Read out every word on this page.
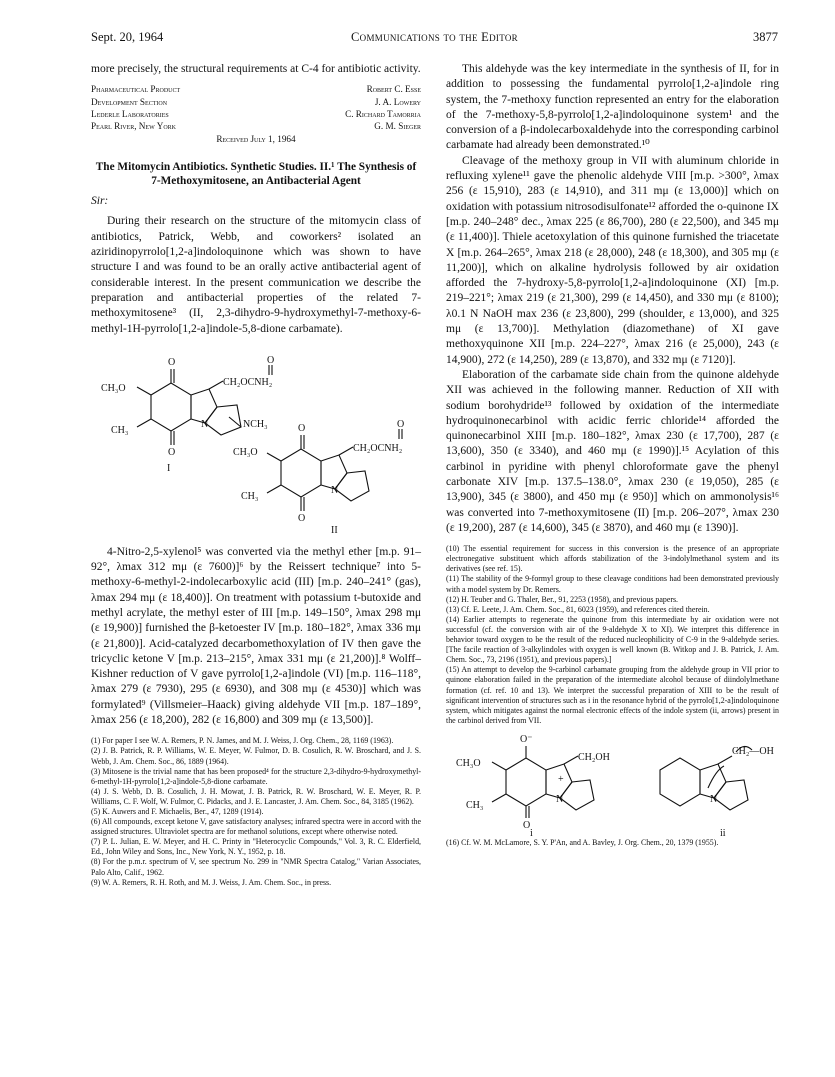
Sept. 20, 1964	Communications to the Editor	3877

more precisely, the structural requirements at C-4 for antibiotic activity.

Pharmaceutical Product	Robert C. Esse
Development Section	J. A. Lowery
Lederle Laboratories	C. Richard Tamorria
Pearl River, New York	G. M. Sieger
Received July 1, 1964
The Mitomycin Antibiotics. Synthetic Studies. II.¹ The Synthesis of 7-Methoxymitosene, an Antibacterial Agent
Sir:

During their research on the structure of the mitomycin class of antibiotics, Patrick, Webb, and coworkers² isolated an aziridinopyrrolo[1,2-a]indoloquinone which was shown to have structure I and was found to be an orally active antibacterial agent of considerable interest. In the present communication we describe the preparation and antibacterial properties of the related 7-methoxymitosene³ (II, 2,3-dihydro-9-hydroxymethyl-7-methoxy-6-methyl-1H-pyrrolo[1,2-a]indole-5,8-dione carbamate).

O
O
CH₃O
CH₃
N
CH₂OCNH₂
O
NCH₃
I
O
O
CH₃O
CH₃
N
CH₂OCNH₂
O
II

4-Nitro-2,5-xylenol⁵ was converted via the methyl ether [m.p. 91–92°, λmax 312 mμ (ε 7600)]⁶ by the Reissert technique⁷ into 5-methoxy-6-methyl-2-indolecarboxylic acid (III) [m.p. 240–241° (gas), λmax 294 mμ (ε 18,400)]. On treatment with potassium t-butoxide and methyl acrylate, the methyl ester of III [m.p. 149–150°, λmax 298 mμ (ε 19,900)] furnished the β-ketoester IV [m.p. 180–182°, λmax 336 mμ (ε 21,800)]. Acid-catalyzed decarbomethoxylation of IV then gave the tricyclic ketone V [m.p. 213–215°, λmax 331 mμ (ε 21,200)].⁸ Wolff–Kishner reduction of V gave pyrrolo[1,2-a]indole (VI) [m.p. 116–118°, λmax 279 (ε 7930), 295 (ε 6930), and 308 mμ (ε 4530)] which was formylated⁹ (Villsmeier–Haack) giving aldehyde VII [m.p. 187–189°, λmax 256 (ε 18,200), 282 (ε 16,800) and 309 mμ (ε 13,500)].

(1) For paper I see W. A. Remers, P. N. James, and M. J. Weiss, J. Org. Chem., 28, 1169 (1963).

(2) J. B. Patrick, R. P. Williams, W. E. Meyer, W. Fulmor, D. B. Cosulich, R. W. Broschard, and J. S. Webb, J. Am. Chem. Soc., 86, 1889 (1964).

(3) Mitosene is the trivial name that has been proposed⁴ for the structure 2,3-dihydro-9-hydroxymethyl-6-methyl-1H-pyrrolo[1,2-a]indole-5,8-dione carbamate.

(4) J. S. Webb, D. B. Cosulich, J. H. Mowat, J. B. Patrick, R. W. Broschard, W. E. Meyer, R. P. Williams, C. F. Wolf, W. Fulmor, C. Pidacks, and J. E. Lancaster, J. Am. Chem. Soc., 84, 3185 (1962).

(5) K. Auwers and F. Michaelis, Ber., 47, 1289 (1914).

(6) All compounds, except ketone V, gave satisfactory analyses; infrared spectra were in accord with the assigned structures. Ultraviolet spectra are for methanol solutions, except where otherwise noted.

(7) P. L. Julian, E. W. Meyer, and H. C. Printy in "Heterocyclic Compounds," Vol. 3, R. C. Elderfield, Ed., John Wiley and Sons, Inc., New York, N. Y., 1952, p. 18.

(8) For the p.m.r. spectrum of V, see spectrum No. 299 in "NMR Spectra Catalog," Varian Associates, Palo Alto, Calif., 1962.

(9) W. A. Remers, R. H. Roth, and M. J. Weiss, J. Am. Chem. Soc., in press.

This aldehyde was the key intermediate in the synthesis of II, for in addition to possessing the fundamental pyrrolo[1,2-a]indole ring system, the 7-methoxy function represented an entry for the elaboration of the 7-methoxy-5,8-pyrrolo[1,2-a]indoloquinone system¹ and the conversion of a β-indolecarboxaldehyde into the corresponding carbinol carbamate had already been demonstrated.¹⁰

Cleavage of the methoxy group in VII with aluminum chloride in refluxing xylene¹¹ gave the phenolic aldehyde VIII [m.p. >300°, λmax 256 (ε 15,910), 283 (ε 14,910), and 311 mμ (ε 13,000)] which on oxidation with potassium nitrosodisulfonate¹² afforded the o-quinone IX [m.p. 240–248° dec., λmax 225 (ε 86,700), 280 (ε 22,500), and 345 mμ (ε 11,400)]. Thiele acetoxylation of this quinone furnished the triacetate X [m.p. 264–265°, λmax 218 (ε 28,000), 248 (ε 18,300), and 305 mμ (ε 11,200)], which on alkaline hydrolysis followed by air oxidation afforded the 7-hydroxy-5,8-pyrrolo[1,2-a]indoloquinone (XI) [m.p. 219–221°; λmax 219 (ε 21,300), 299 (ε 14,450), and 330 mμ (ε 8100); λ0.1 N NaOH max 236 (ε 23,800), 299 (shoulder, ε 13,000), and 325 mμ (ε 13,700)]. Methylation (diazomethane) of XI gave methoxyquinone XII [m.p. 224–227°, λmax 216 (ε 25,000), 243 (ε 14,900), 272 (ε 14,250), 289 (ε 13,870), and 332 mμ (ε 7120)].

Elaboration of the carbamate side chain from the quinone aldehyde XII was achieved in the following manner. Reduction of XII with sodium borohydride¹³ followed by oxidation of the intermediate hydroquinonecarbinol with acidic ferric chloride¹⁴ afforded the quinonecarbinol XIII [m.p. 180–182°, λmax 230 (ε 17,700), 287 (ε 13,600), 350 (ε 3340), and 460 mμ (ε 1990)].¹⁵ Acylation of this carbinol in pyridine with phenyl chloroformate gave the phenyl carbonate XIV [m.p. 137.5–138.0°, λmax 230 (ε 19,050), 285 (ε 13,900), 345 (ε 3800), and 450 mμ (ε 950)] which on ammonolysis¹⁶ was converted into 7-methoxymitosene (II) [m.p. 206–207°, λmax 230 (ε 19,200), 287 (ε 14,600), 345 (ε 3870), and 460 mμ (ε 1390)].

(10) The essential requirement for success in this conversion is the presence of an appropriate electronegative substituent which affords stabilization of the 3-indolylmethanol system and its derivatives (see ref. 15).

(11) The stability of the 9-formyl group to these cleavage conditions had been demonstrated previously with a model system by Dr. Remers.

(12) H. Teuber and G. Thaler, Ber., 91, 2253 (1958), and previous papers.

(13) Cf. E. Leete, J. Am. Chem. Soc., 81, 6023 (1959), and references cited therein.

(14) Earlier attempts to regenerate the quinone from this intermediate by air oxidation were not successful (cf. the conversion with air of the 9-aldehyde X to XI). We interpret this difference in behavior toward oxygen to be the result of the reduced nucleophilicity of C-9 in the 9-aldehyde series. [The facile reaction of 3-alkylindoles with oxygen is well known (B. Witkop and J. B. Patrick, J. Am. Chem. Soc., 73, 2196 (1951), and previous papers).]

(15) An attempt to develop the 9-carbinol carbamate grouping from the aldehyde group in VII prior to quinone elaboration failed in the preparation of the intermediate alcohol because of diindolylmethane formation (cf. ref. 10 and 13). We interpret the successful preparation of XIII to be the result of significant intervention of structures such as i in the resonance hybrid of the pyrrolo[1,2-a]indoloquinone system, which mitigates against the normal electronic effects of the indole system (ii, arrows) present in the carbinol derived from VII.

O⁻
O
CH₃O
CH₃
N
+
CH₂OH
i
N
CH₂—OH
ii

(16) Cf. W. M. McLamore, S. Y. P'An, and A. Bavley, J. Org. Chem., 20, 1379 (1955).
